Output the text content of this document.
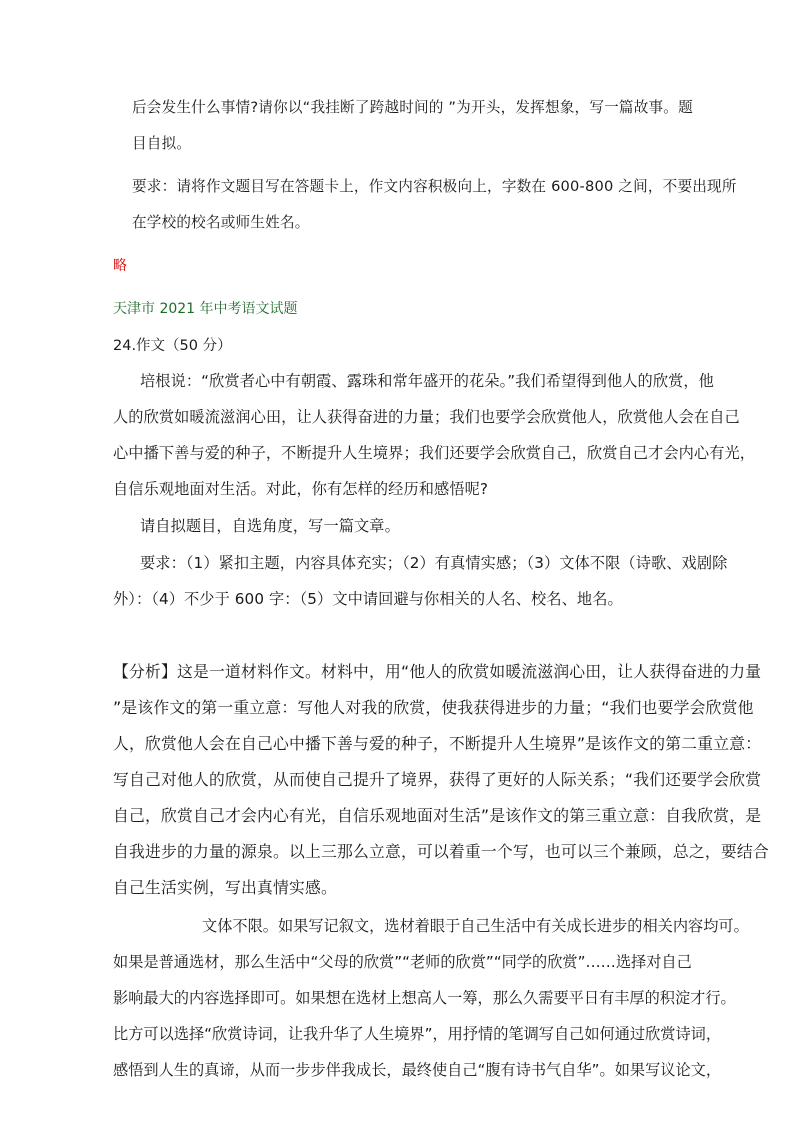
后会发生什么事情?请你以“我挂断了跨越时间的 ”为开头，发挥想象，写一篇故事。题
目自拟。
要求：请将作文题目写在答题卡上，作文内容积极向上，字数在 600-800 之间，不要出现所
在学校的校名或师生姓名。
略
天津市 2021 年中考语文试题
24.作文（50 分）
培根说：“欣赏者心中有朝霞、露珠和常年盛开的花朵。”我们希望得到他人的欣赏，他
人的欣赏如暖流滋润心田，让人获得奋进的力量；我们也要学会欣赏他人，欣赏他人会在自己
心中播下善与爱的种子，不断提升人生境界；我们还要学会欣赏自己，欣赏自己才会内心有光，
自信乐观地面对生活。对此，你有怎样的经历和感悟呢?
请自拟题目，自选角度，写一篇文章。
要求：（1）紧扣主题，内容具体充实；（2）有真情实感；（3）文体不限（诗歌、戏剧除
外）：（4）不少于 600 字：（5）文中请回避与你相关的人名、校名、地名。
【分析】这是一道材料作文。材料中，用“他人的欣赏如暖流滋润心田，让人获得奋进的力量
”是该作文的第一重立意：写他人对我的欣赏，使我获得进步的力量；“我们也要学会欣赏他
人，欣赏他人会在自己心中播下善与爱的种子，不断提升人生境界”是该作文的第二重立意：
写自己对他人的欣赏，从而使自己提升了境界，获得了更好的人际关系；“我们还要学会欣赏
自己，欣赏自己才会内心有光，自信乐观地面对生活”是该作文的第三重立意：自我欣赏，是
自我进步的力量的源泉。以上三那么立意，可以着重一个写，也可以三个兼顾，总之，要结合
自己生活实例，写出真情实感。
文体不限。如果写记叙文，选材着眼于自己生活中有关成长进步的相关内容均可。
如果是普通选材，那么生活中“父母的欣赏”“老师的欣赏”“同学的欣赏”……选择对自己
影响最大的内容选择即可。如果想在选材上想高人一筹，那么久需要平日有丰厚的积淀才行。
比方可以选择“欣赏诗词，让我升华了人生境界”，用抒情的笔调写自己如何通过欣赏诗词，
感悟到人生的真谛，从而一步步伴我成长，最终使自己“腹有诗书气自华”。如果写议论文，
